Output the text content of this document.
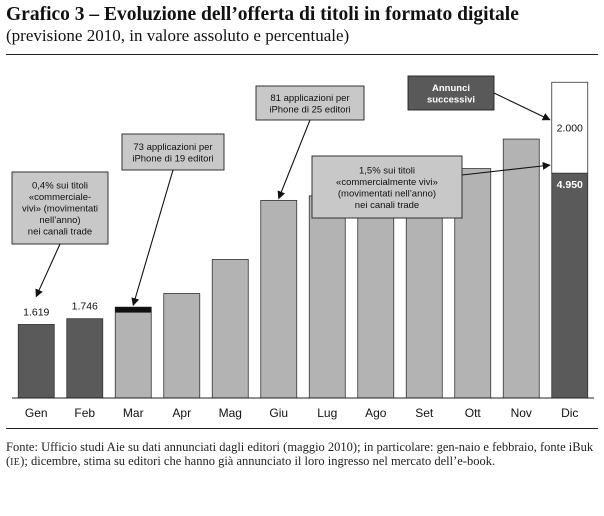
Grafico 3 – Evoluzione dell’offerta di titoli in formato digitale
(previsione 2010, in valore assoluto e percentuale)
1.619 1.746
4.950
2.000
Gen Feb Mar Apr Mag Giu Lug Ago Set	Ott Nov Dic
0,4% sui titoli
«commerciale-
vivi» (movimentati
nell’anno)
nei canali trade
73 applicazioni per
iPhone di 19 editori
81 applicazioni per
iPhone di 25 editori
1,5% sui titoli
«commercialmente vivi»
(movimentati nell’anno)
nei canali trade
Annunci
successivi
Fonte: Ufficio studi Aie su dati annunciati dagli editori (maggio 2010); in particolare: gen-naio e febbraio, fonte iBuk (IE); dicembre, stima su editori che hanno già annunciato il loro ingresso nel mercato dell’e-book.
